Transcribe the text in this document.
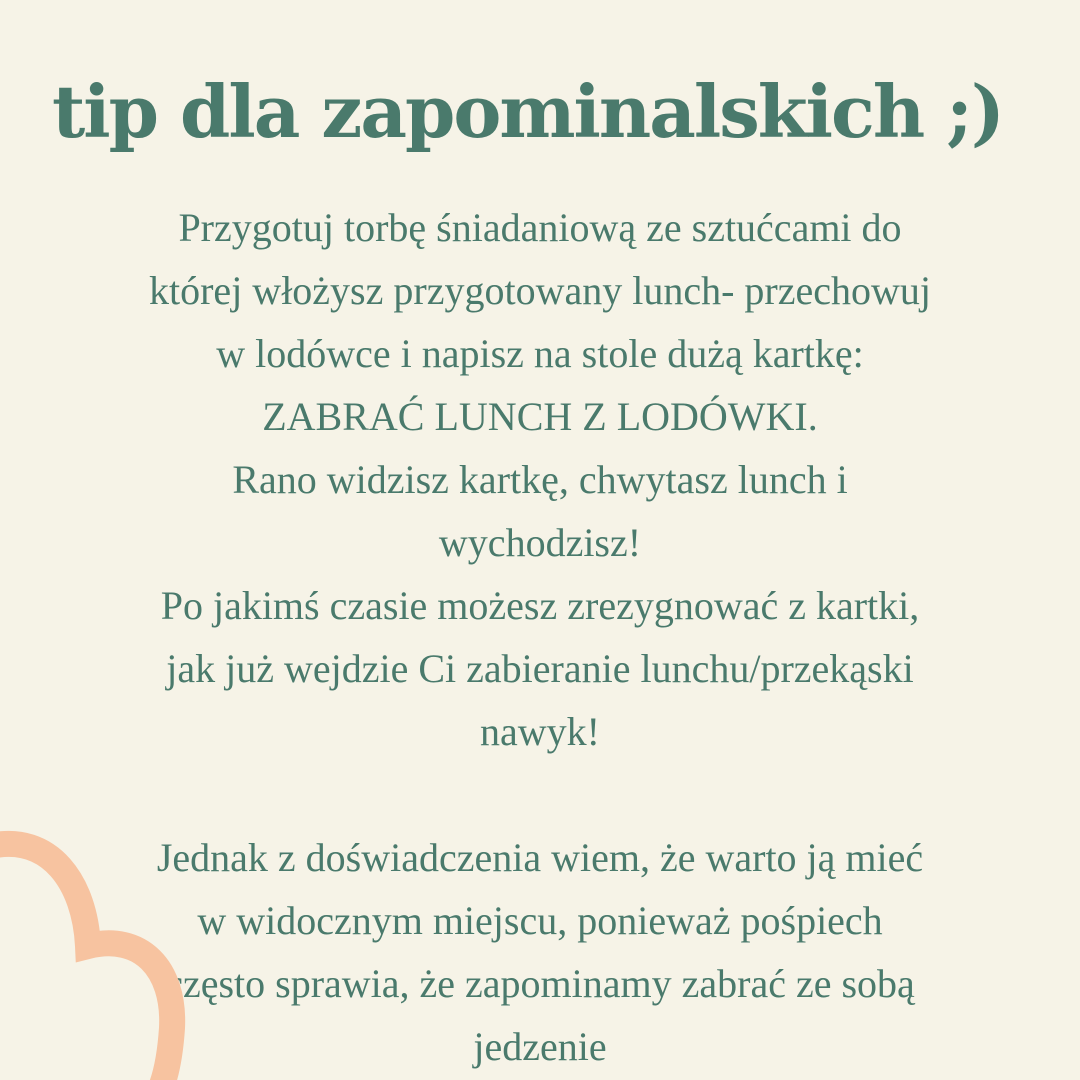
tip dla zapominalskich ;)
Przygotuj torbę śniadaniową ze sztućcami do
której włożysz przygotowany lunch- przechowuj
w lodówce i napisz na stole dużą kartkę:
ZABRAĆ LUNCH Z LODÓWKI.
Rano widzisz kartkę, chwytasz lunch i
wychodzisz!
Po jakimś czasie możesz zrezygnować z kartki,
jak już wejdzie Ci zabieranie lunchu/przekąski
nawyk!
Jednak z doświadczenia wiem, że warto ją mieć
w widocznym miejscu, ponieważ pośpiech
często sprawia, że zapominamy zabrać ze sobą
jedzenie
